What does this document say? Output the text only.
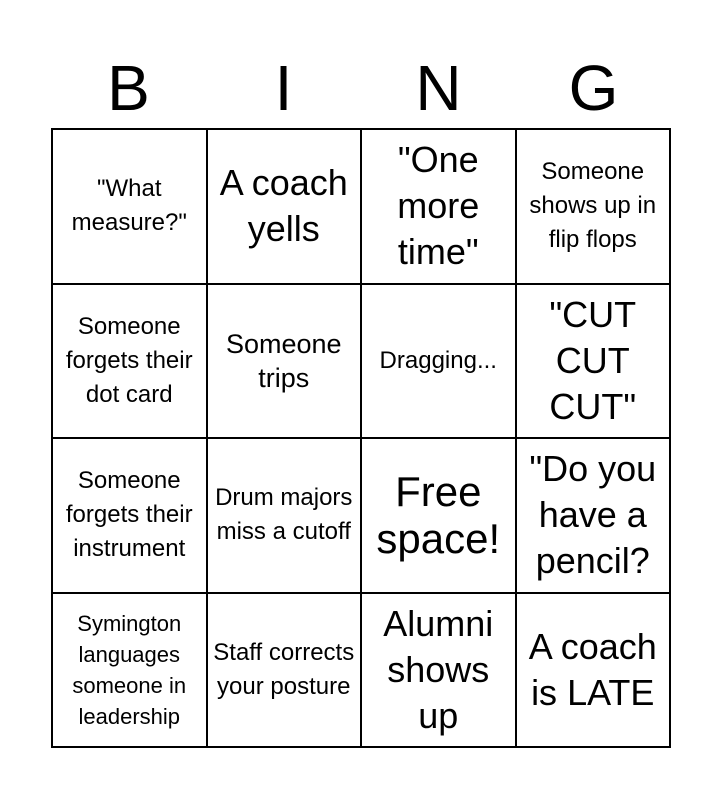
B	I	N	G
"What measure?"
A coach yells
"One more time"
Someone shows up in flip flops
Someone forgets their dot card
Someone trips
Dragging...
"CUT CUT CUT"
Someone forgets their instrument
Drum majors miss a cutoff
Free space!
"Do you have a pencil?
Symington languages someone in leadership
Staff corrects your posture
Alumni shows up
A coach is LATE
